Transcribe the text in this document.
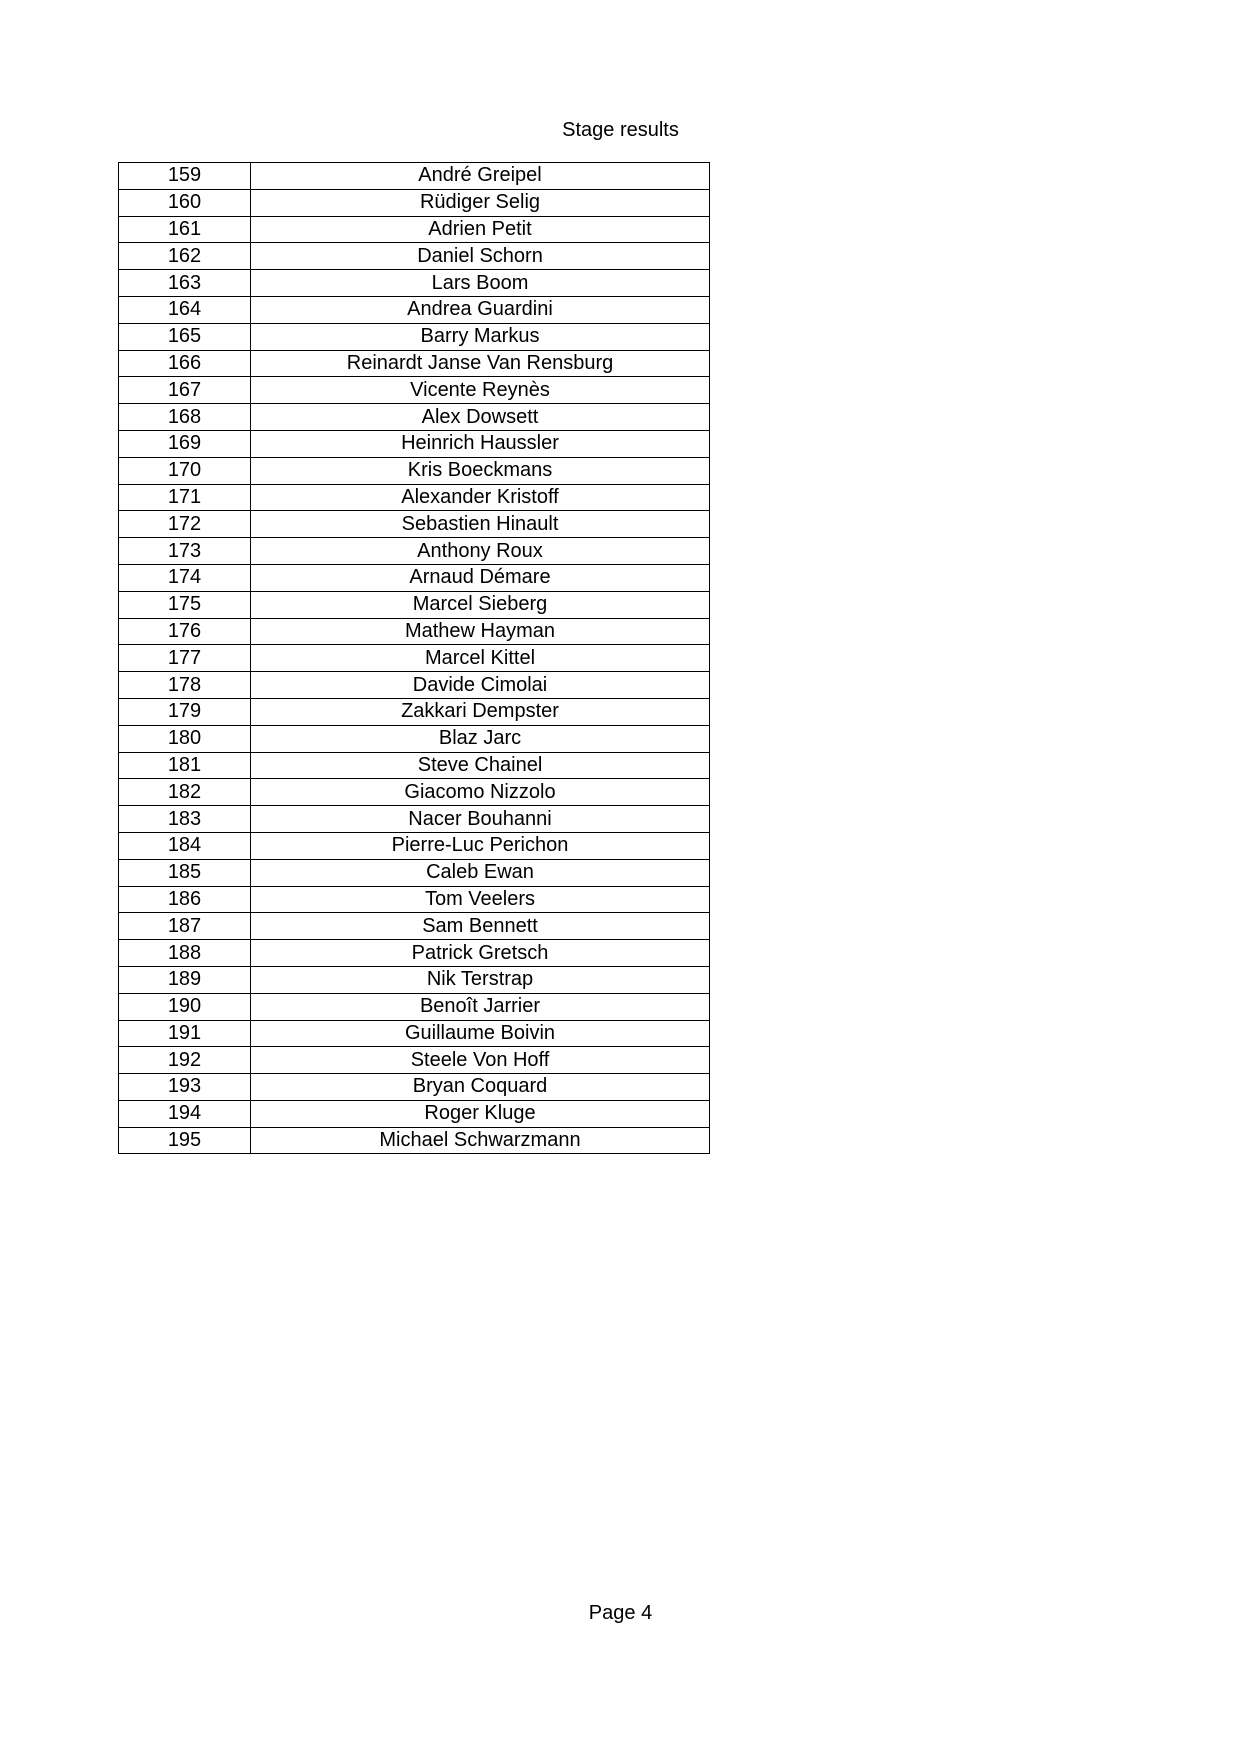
Stage results
159	André Greipel
160	Rüdiger Selig
161	Adrien Petit
162	Daniel Schorn
163	Lars Boom
164	Andrea Guardini
165	Barry Markus
166	Reinardt Janse Van Rensburg
167	Vicente Reynès
168	Alex Dowsett
169	Heinrich Haussler
170	Kris Boeckmans
171	Alexander Kristoff
172	Sebastien Hinault
173	Anthony Roux
174	Arnaud Démare
175	Marcel Sieberg
176	Mathew Hayman
177	Marcel Kittel
178	Davide Cimolai
179	Zakkari Dempster
180	Blaz Jarc
181	Steve Chainel
182	Giacomo Nizzolo
183	Nacer Bouhanni
184	Pierre-Luc Perichon
185	Caleb Ewan
186	Tom Veelers
187	Sam Bennett
188	Patrick Gretsch
189	Nik Terstrap
190	Benoît Jarrier
191	Guillaume Boivin
192	Steele Von Hoff
193	Bryan Coquard
194	Roger Kluge
195	Michael Schwarzmann
Page 4
